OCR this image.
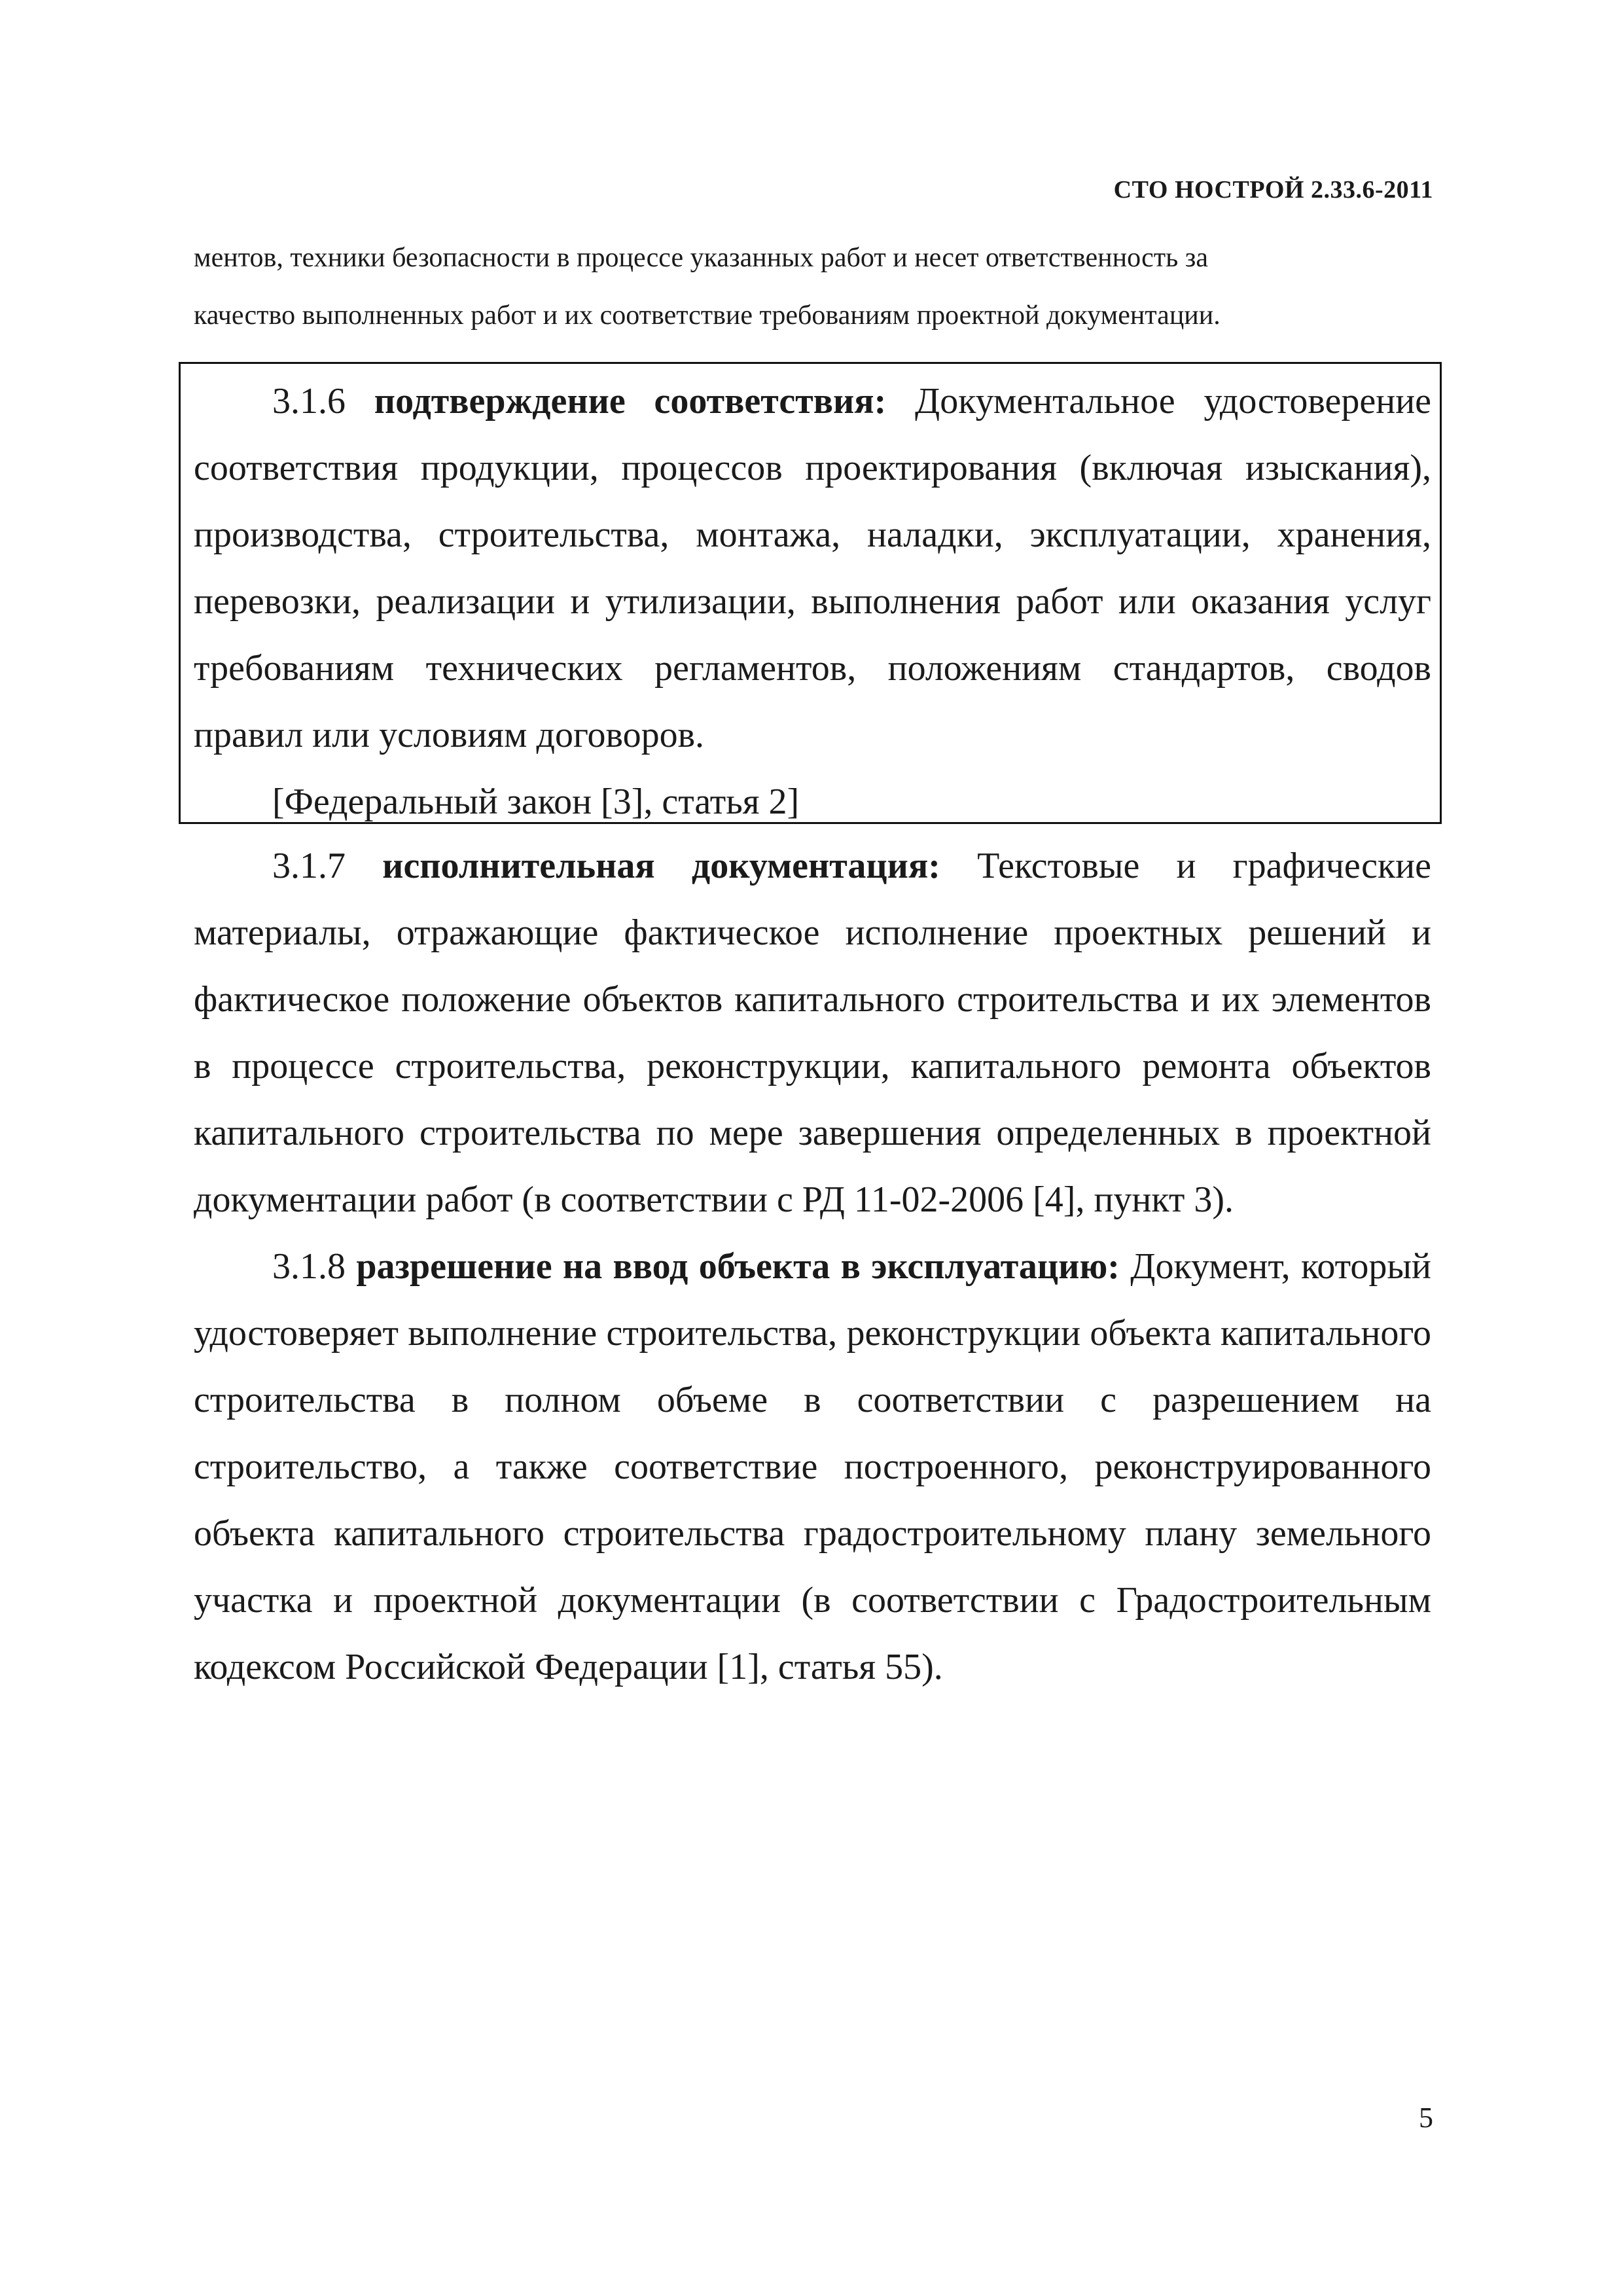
СТО НОСТРОЙ 2.33.6-2011

ментов, техники безопасности в процессе указанных работ и несет ответственность за

качество выполненных работ и их соответствие требованиям проектной документации.

3.1.6 подтверждение соответствия: Документальное удостоверение соответствия продукции, процессов проектирования (включая изыскания), производства, строительства, монтажа, наладки, эксплуатации, хранения, перевозки, реализации и утилизации, выполнения работ или оказания услуг требованиям технических регламентов, положениям стандартов, сводов правил или условиям договоров.

[Федеральный закон [3], статья 2]

3.1.7 исполнительная документация: Текстовые и графические материалы, отражающие фактическое исполнение проектных решений и фактическое положение объектов капитального строительства и их элементов в процессе строительства, реконструкции, капитального ремонта объектов капитального строительства по мере завершения определенных в проектной документации работ (в соответствии с РД 11-02-2006 [4], пункт 3).

3.1.8 разрешение на ввод объекта в эксплуатацию: Документ, который удостоверяет выполнение строительства, реконструкции объекта капитального строительства в полном объеме в соответствии с разрешением на строительство, а также соответствие построенного, реконструированного объекта капитального строительства градостроительному плану земельного участка и проектной документации (в соответствии с Градостроительным кодексом Российской Федерации [1], статья 55).

5
